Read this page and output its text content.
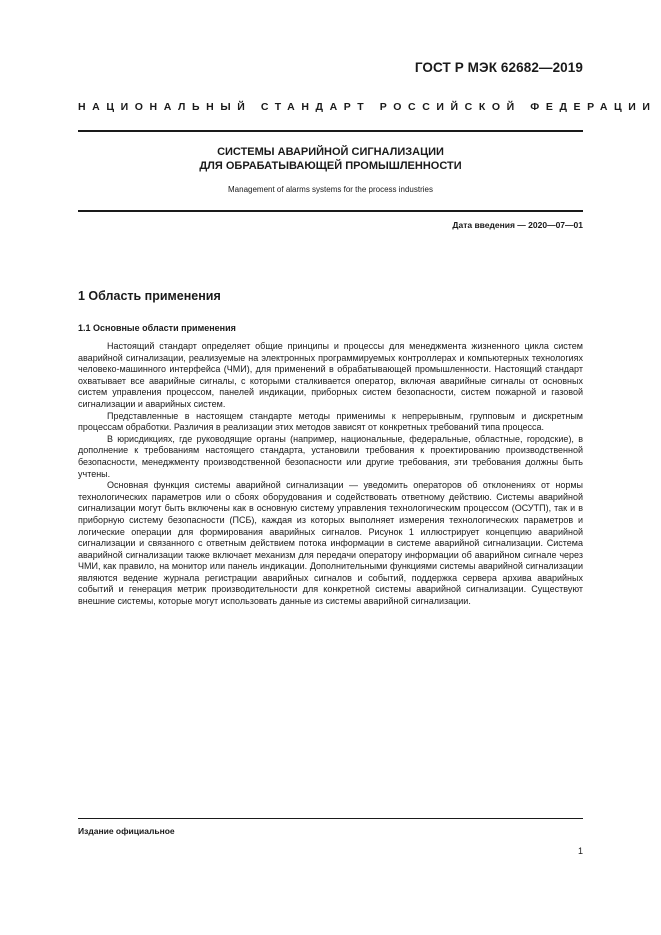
ГОСТ Р МЭК 62682—2019
НАЦИОНАЛЬНЫЙ СТАНДАРТ РОССИЙСКОЙ ФЕДЕРАЦИИ
СИСТЕМЫ АВАРИЙНОЙ СИГНАЛИЗАЦИИ
ДЛЯ ОБРАБАТЫВАЮЩЕЙ ПРОМЫШЛЕННОСТИ
Management of alarms systems for the process industries
Дата введения — 2020—07—01
1 Область применения
1.1 Основные области применения

Настоящий стандарт определяет общие принципы и процессы для менеджмента жизненного цикла систем аварийной сигнализации, реализуемые на электронных программируемых контроллерах и компьютерных технологиях человеко-машинного интерфейса (ЧМИ), для применений в обрабатывающей промышленности. Настоящий стандарт охватывает все аварийные сигналы, с которыми сталкивается оператор, включая аварийные сигналы от основных систем управления процессом, панелей индикации, приборных систем безопасности, систем пожарной и газовой сигнализации и аварийных систем.

Представленные в настоящем стандарте методы применимы к непрерывным, групповым и дискретным процессам обработки. Различия в реализации этих методов зависят от конкретных требований типа процесса.

В юрисдикциях, где руководящие органы (например, национальные, федеральные, областные, городские), в дополнение к требованиям настоящего стандарта, установили требования к проектированию производственной безопасности, менеджменту производственной безопасности или другие требования, эти требования должны быть учтены.

Основная функция системы аварийной сигнализации — уведомить операторов об отклонениях от нормы технологических параметров или о сбоях оборудования и содействовать ответному действию. Системы аварийной сигнализации могут быть включены как в основную систему управления технологическим процессом (ОСУТП), так и в приборную систему безопасности (ПСБ), каждая из которых выполняет измерения технологических параметров и логические операции для формирования аварийных сигналов. Рисунок 1 иллюстрирует концепцию аварийной сигнализации и связанного с ответным действием потока информации в системе аварийной сигнализации. Система аварийной сигнализации также включает механизм для передачи оператору информации об аварийном сигнале через ЧМИ, как правило, на монитор или панель индикации. Дополнительными функциями системы аварийной сигнализации являются ведение журнала регистрации аварийных сигналов и событий, поддержка сервера архива аварийных событий и генерация метрик производительности для конкретной системы аварийной сигнализации. Существуют внешние системы, которые могут использовать данные из системы аварийной сигнализации.

Издание официальное
1
